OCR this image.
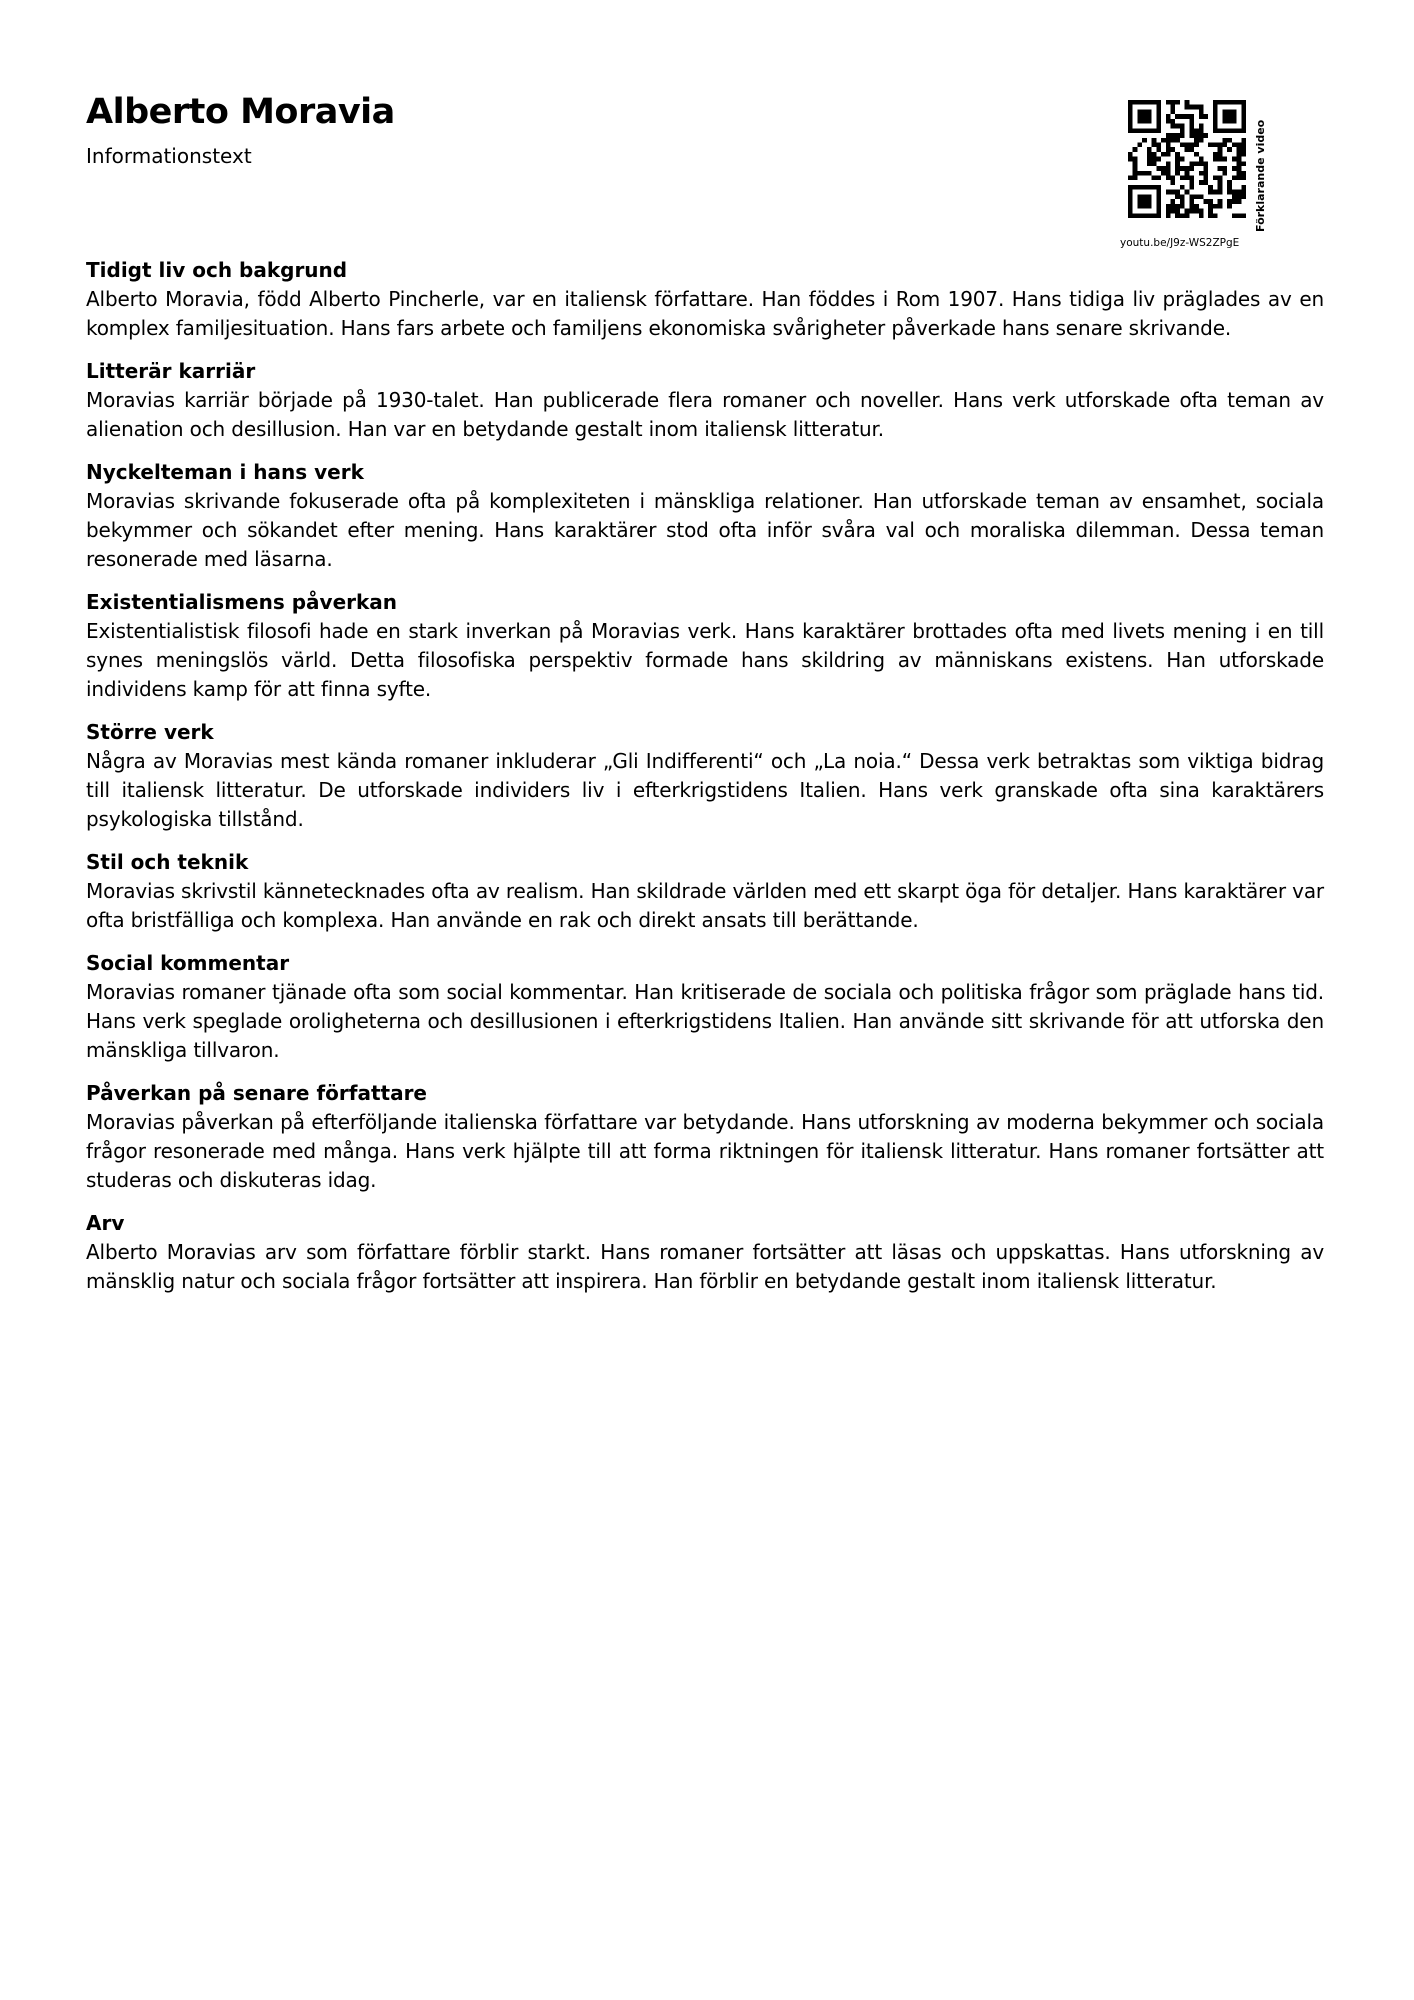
Alberto Moravia
Informationstext	Förklarande video
youtu.be/J9z-WS2ZPgE
Tidigt liv och bakgrund

Alberto Moravia, född Alberto Pincherle, var en italiensk författare. Han föddes i Rom 1907. Hans tidiga liv präglades av en komplex familjesituation. Hans fars arbete och familjens ekonomiska svårigheter påverkade hans senare skrivande.

Litterär karriär

Moravias karriär började på 1930-talet. Han publicerade flera romaner och noveller. Hans verk utforskade ofta teman av alienation och desillusion. Han var en betydande gestalt inom italiensk litteratur.

Nyckelteman i hans verk

Moravias skrivande fokuserade ofta på komplexiteten i mänskliga relationer. Han utforskade teman av ensamhet, sociala bekymmer och sökandet efter mening. Hans karaktärer stod ofta inför svåra val och moraliska dilemman. Dessa teman resonerade med läsarna.

Existentialismens påverkan

Existentialistisk filosofi hade en stark inverkan på Moravias verk. Hans karaktärer brottades ofta med livets mening i en till synes meningslös värld. Detta filosofiska perspektiv formade hans skildring av människans existens. Han utforskade individens kamp för att finna syfte.

Större verk

Några av Moravias mest kända romaner inkluderar „Gli Indifferenti“ och „La noia.“ Dessa verk betraktas som viktiga bidrag till italiensk litteratur. De utforskade individers liv i efterkrigstidens Italien. Hans verk granskade ofta sina karaktärers psykologiska tillstånd.

Stil och teknik

Moravias skrivstil kännetecknades ofta av realism. Han skildrade världen med ett skarpt öga för detaljer. Hans karaktärer var ofta bristfälliga och komplexa. Han använde en rak och direkt ansats till berättande.

Social kommentar

Moravias romaner tjänade ofta som social kommentar. Han kritiserade de sociala och politiska frågor som präglade hans tid. Hans verk speglade oroligheterna och desillusionen i efterkrigstidens Italien. Han använde sitt skrivande för att utforska den mänskliga tillvaron.

Påverkan på senare författare

Moravias påverkan på efterföljande italienska författare var betydande. Hans utforskning av moderna bekymmer och sociala frågor resonerade med många. Hans verk hjälpte till att forma riktningen för italiensk litteratur. Hans romaner fortsätter att studeras och diskuteras idag.

Arv

Alberto Moravias arv som författare förblir starkt. Hans romaner fortsätter att läsas och uppskattas. Hans utforskning av mänsklig natur och sociala frågor fortsätter att inspirera. Han förblir en betydande gestalt inom italiensk litteratur.
